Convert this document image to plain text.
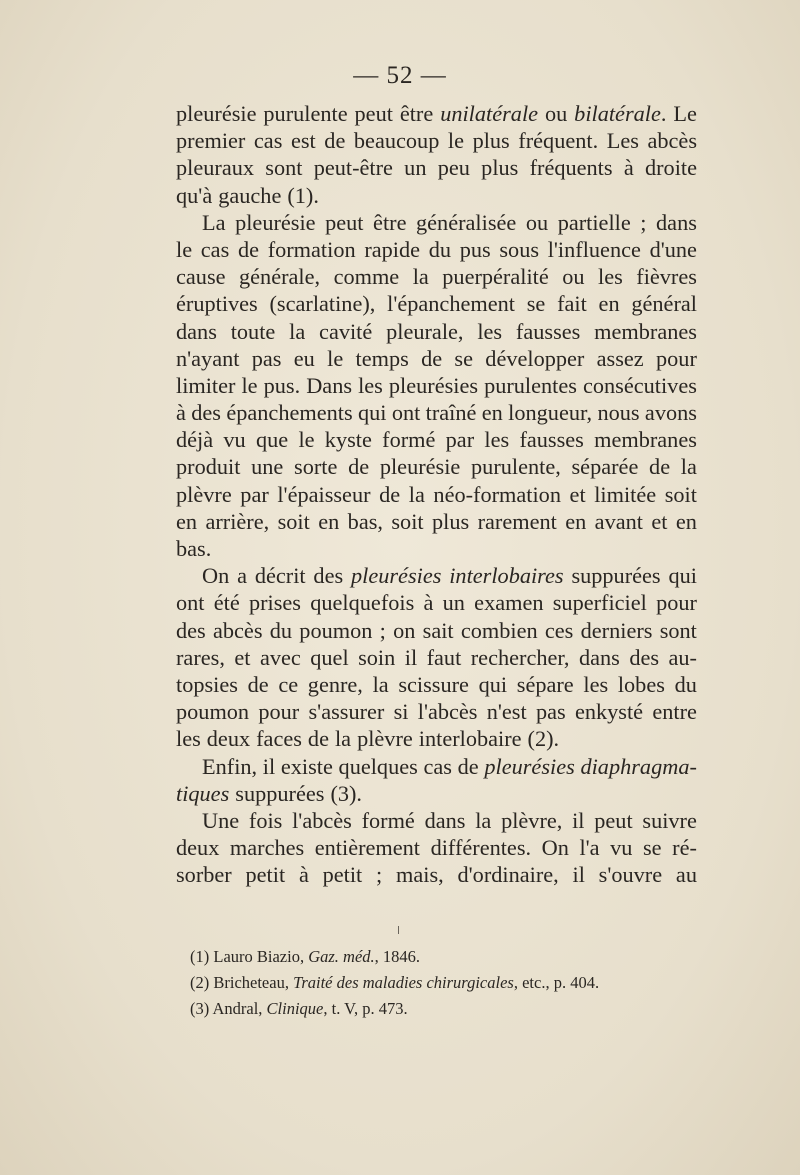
— 52 —
pleurésie purulente peut être unilatérale ou bilatérale. Le
premier cas est de beaucoup le plus fréquent. Les abcès
pleuraux sont peut-être un peu plus fréquents à droite
qu'à gauche (1).
La pleurésie peut être généralisée ou partielle ; dans
le cas de formation rapide du pus sous l'influence d'une
cause générale, comme la puerpéralité ou les fièvres
éruptives (scarlatine), l'épanchement se fait en général
dans toute la cavité pleurale, les fausses membranes
n'ayant pas eu le temps de se développer assez pour
limiter le pus. Dans les pleurésies purulentes consécutives
à des épanchements qui ont traîné en longueur, nous avons
déjà vu que le kyste formé par les fausses membranes
produit une sorte de pleurésie purulente, séparée de la
plèvre par l'épaisseur de la néo-formation et limitée soit
en arrière, soit en bas, soit plus rarement en avant et en
bas.
On a décrit des pleurésies interlobaires suppurées qui
ont été prises quelquefois à un examen superficiel pour
des abcès du poumon ; on sait combien ces derniers sont
rares, et avec quel soin il faut rechercher, dans des au-
topsies de ce genre, la scissure qui sépare les lobes du
poumon pour s'assurer si l'abcès n'est pas enkysté entre
les deux faces de la plèvre interlobaire (2).
Enfin, il existe quelques cas de pleurésies diaphragma-
tiques suppurées (3).
Une fois l'abcès formé dans la plèvre, il peut suivre
deux marches entièrement différentes. On l'a vu se ré-
sorber petit à petit ; mais, d'ordinaire, il s'ouvre au
(1) Lauro Biazio, Gaz. méd., 1846.
(2) Bricheteau, Traité des maladies chirurgicales, etc., p. 404.
(3) Andral, Clinique, t. V, p. 473.
